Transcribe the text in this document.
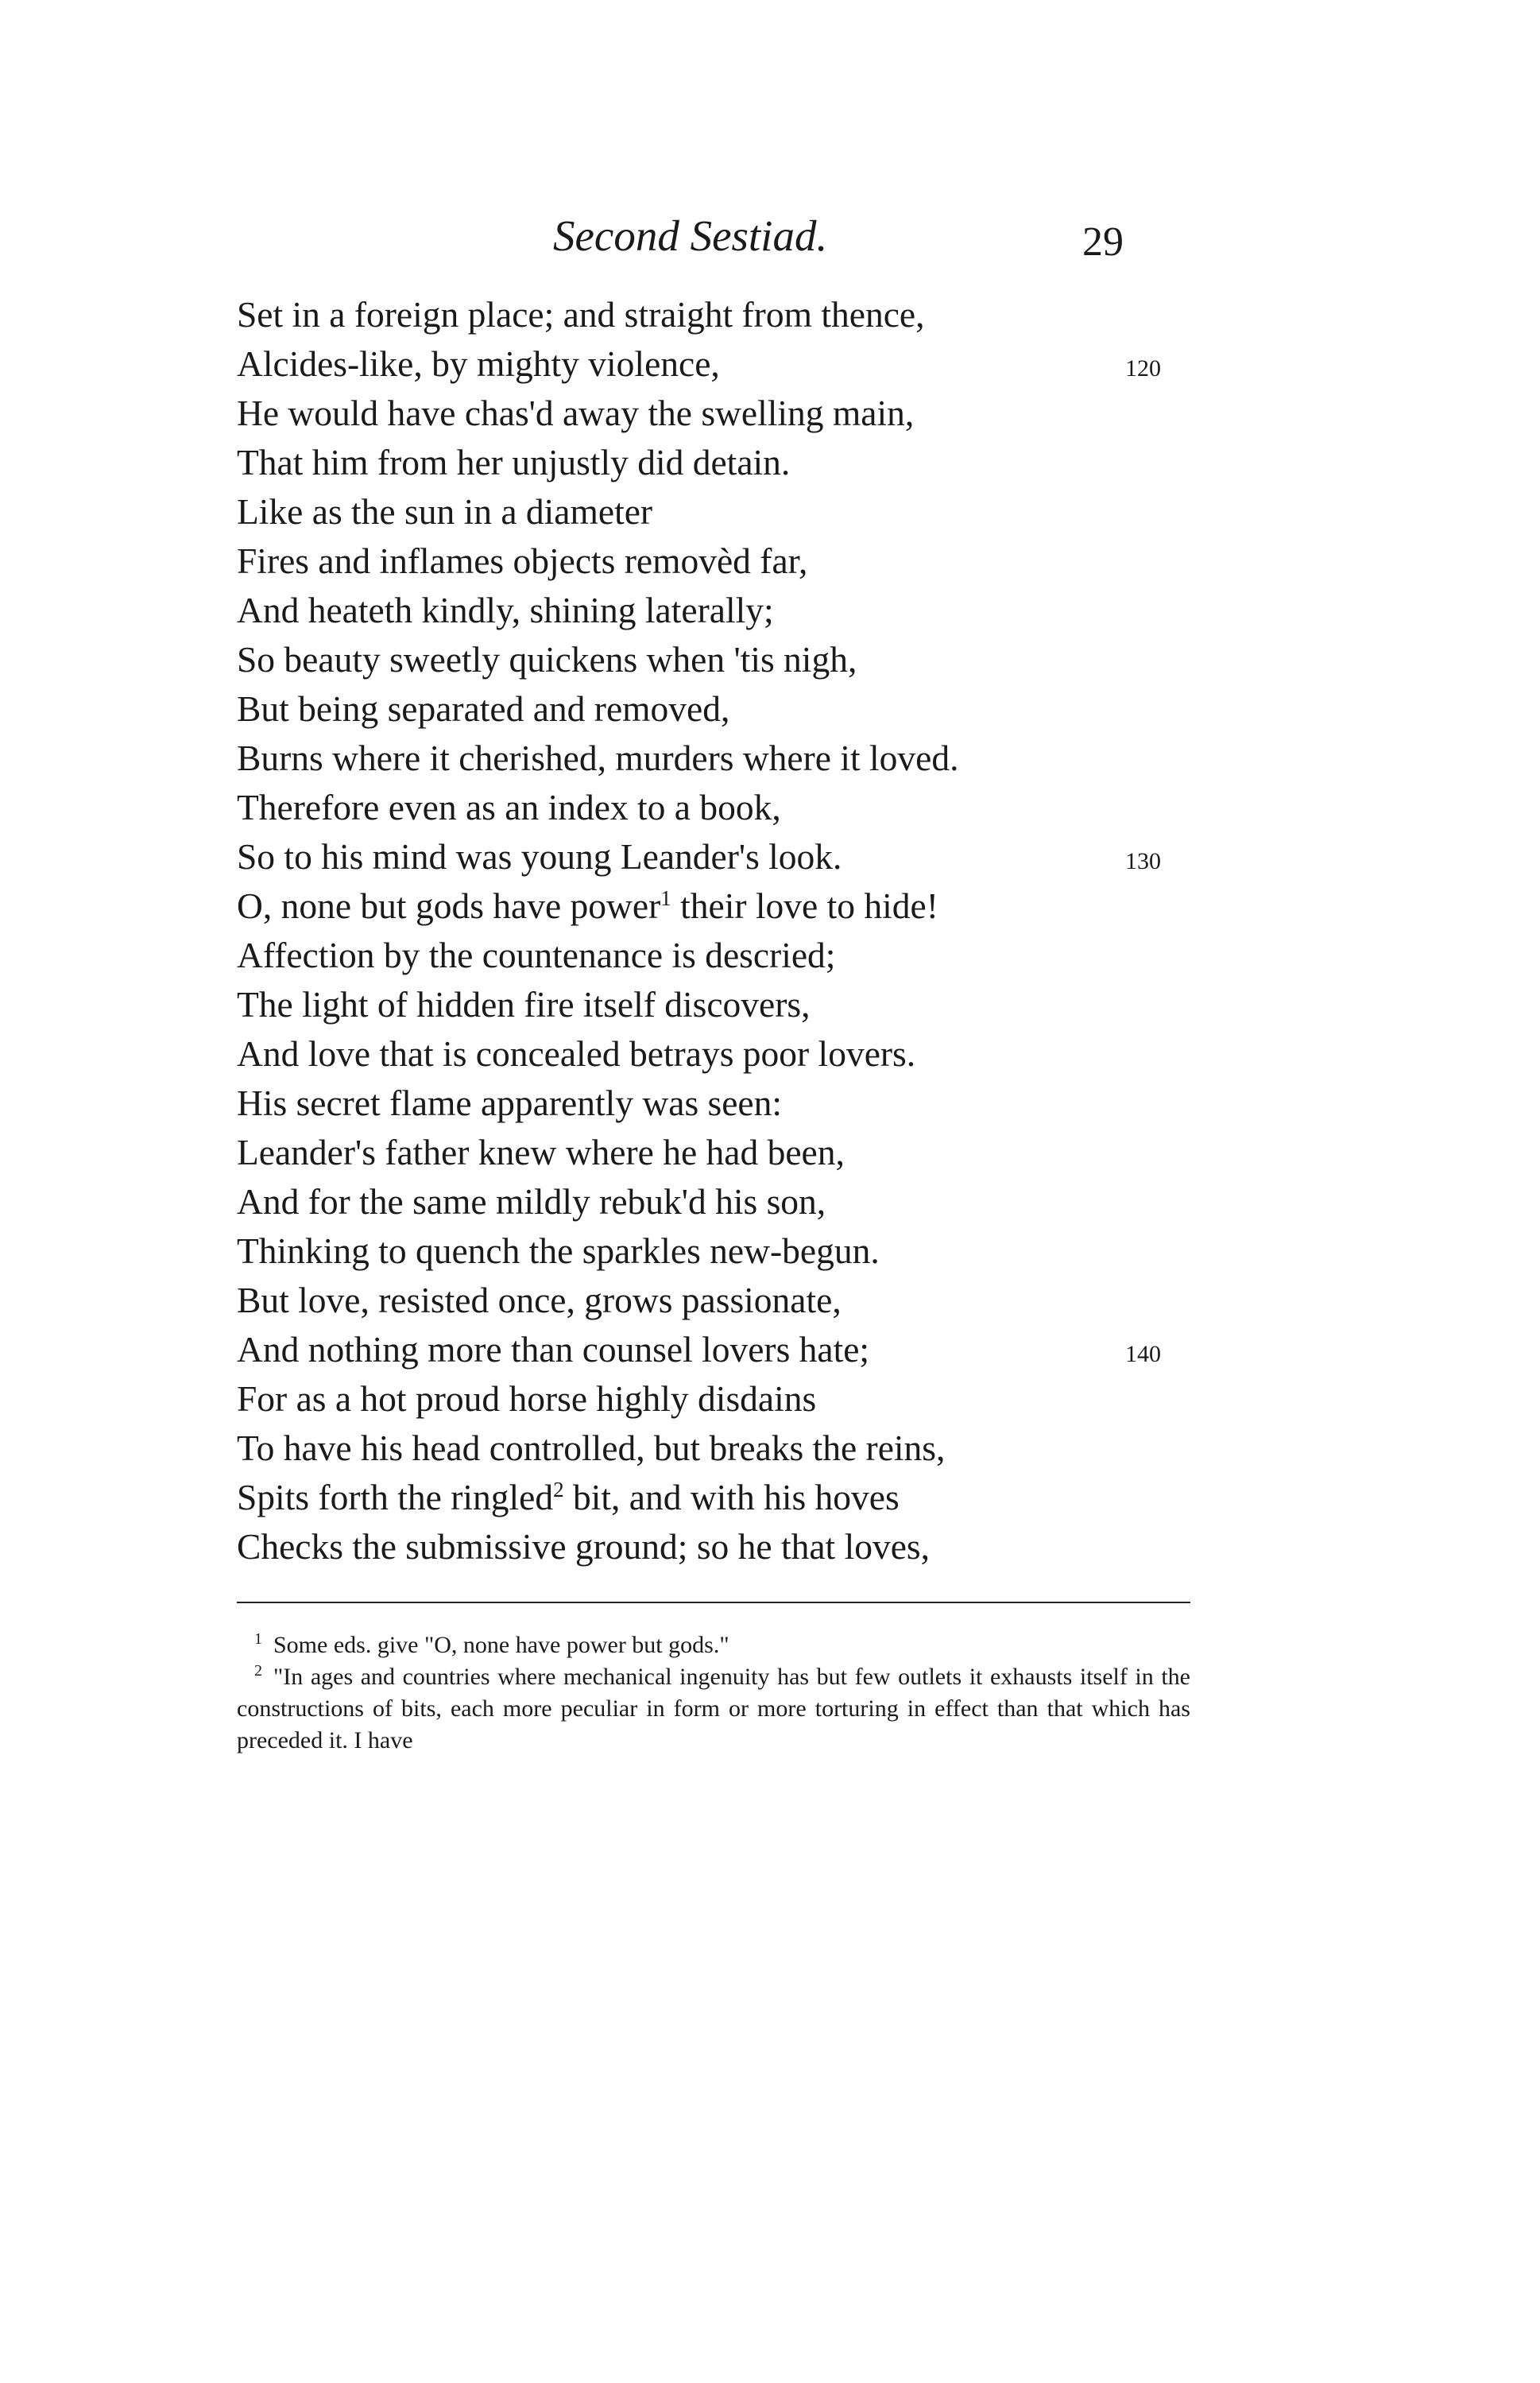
Second Sestiad.	29
Set in a foreign place; and straight from thence,
Alcides-like, by mighty violence,	120
He would have chas'd away the swelling main,
That him from her unjustly did detain.
Like as the sun in a diameter
Fires and inflames objects removèd far,
And heateth kindly, shining laterally;
So beauty sweetly quickens when 'tis nigh,
But being separated and removed,
Burns where it cherished, murders where it loved.
Therefore even as an index to a book,
So to his mind was young Leander's look.	130
O, none but gods have power$^1$ their love to hide!
Affection by the countenance is descried;
The light of hidden fire itself discovers,
And love that is concealed betrays poor lovers.
His secret flame apparently was seen:
Leander's father knew where he had been,
And for the same mildly rebuk'd his son,
Thinking to quench the sparkles new-begun.
But love, resisted once, grows passionate,
And nothing more than counsel lovers hate;	140
For as a hot proud horse highly disdains
To have his head controlled, but breaks the reins,
Spits forth the ringled$^2$ bit, and with his hoves
Checks the submissive ground; so he that loves,
$^1$ Some eds. give "O, none have power but gods."
$^2$ "In ages and countries where mechanical ingenuity has but few outlets it exhausts itself in the constructions of bits, each more peculiar in form or more torturing in effect than that which has preceded it. I have
